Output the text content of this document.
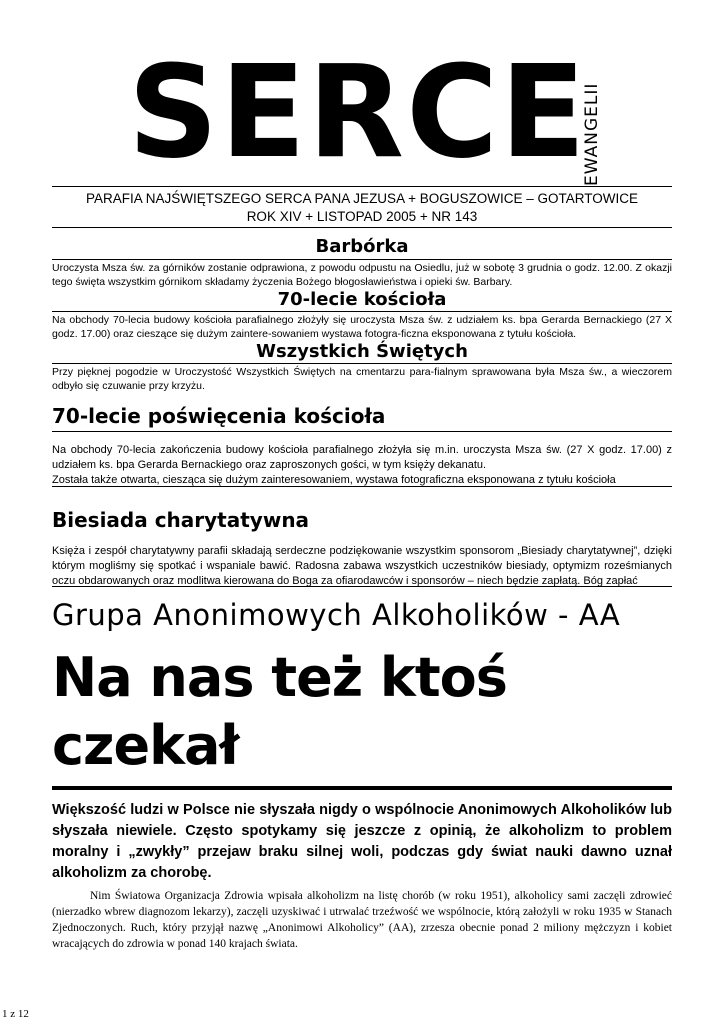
SERCE
EWANGELII
PARAFIA NAJŚWIĘTSZEGO SERCA PANA JEZUSA + BOGUSZOWICE – GOTARTOWICE
ROK XIV + LISTOPAD 2005 + NR 143
Barbórka
Uroczysta Msza św. za górników zostanie odprawiona, z powodu odpustu na Osiedlu, już w sobotę 3 grudnia o godz. 12.00. Z okazji tego święta wszystkim górnikom składamy życzenia Bożego błogosławieństwa i opieki św. Barbary.
70-lecie kościoła
Na obchody 70-lecia budowy kościoła parafialnego złożyły się uroczysta Msza św. z udziałem ks. bpa Gerarda Bernackiego (27 X godz. 17.00) oraz cieszące się dużym zaintere-sowaniem wystawa fotogra-ficzna eksponowana z tytułu kościoła.
Wszystkich Świętych
Przy pięknej pogodzie w Uroczystość Wszystkich Świętych na cmentarzu para-fialnym sprawowana była Msza św., a wieczorem odbyło się czuwanie przy krzyżu.
70-lecie poświęcenia kościoła
Na obchody 70-lecia zakończenia budowy kościoła parafialnego złożyła się m.in. uroczysta Msza św. (27 X godz. 17.00) z udziałem ks. bpa Gerarda Bernackiego oraz zaproszonych gości, w tym księży dekanatu.
Została także otwarta, ciesząca się dużym zainteresowaniem, wystawa fotograficzna eksponowana z tytułu kościoła
Biesiada charytatywna
Księża i zespół charytatywny parafii składają serdeczne podziękowanie wszystkim sponsorom „Biesiady charytatywnej”, dzięki którym mogliśmy się spotkać i wspaniale bawić. Radosna zabawa wszystkich uczestników biesiady, optymizm roześmianych oczu obdarowanych oraz modlitwa kierowana do Boga za ofiarodawców i sponsorów – niech będzie zapłatą. Bóg zapłać
Grupa Anonimowych Alkoholików - AA
Na nas też ktoś
czekał
Większość ludzi w Polsce nie słyszała nigdy o wspólnocie Anonimowych Alkoholików lub słyszała niewiele. Często spotykamy się jeszcze z opinią, że alkoholizm to problem moralny i „zwykły” przejaw braku silnej woli, podczas gdy świat nauki dawno uznał alkoholizm za chorobę.
Nim Światowa Organizacja Zdrowia wpisała alkoholizm na listę chorób (w roku 1951), alkoholicy sami zaczęli zdrowieć (nierzadko wbrew diagnozom lekarzy), zaczęli uzyskiwać i utrwalać trzeźwość we wspólnocie, którą założyli w roku 1935 w Stanach Zjednoczonych. Ruch, który przyjął nazwę „Anonimowi Alkoholicy” (AA), zrzesza obecnie ponad 2 miliony mężczyzn i kobiet wracających do zdrowia w ponad 140 krajach świata.
1 z 12
